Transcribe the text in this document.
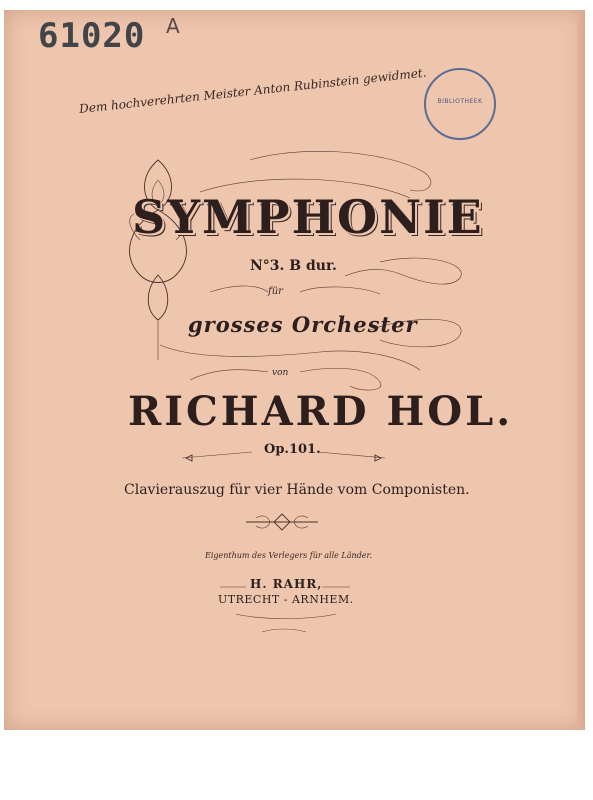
61020 A
BIBLIOTHEEK
Dem hochverehrten Meister Anton Rubinstein gewidmet.
SYMPHONIE
N°3. B dur.
für
grosses Orchester
von
RICHARD HOL.
Op.101.
Clavierauszug für vier Hände vom Componisten.
Eigenthum des Verlegers für alle Länder.
H. RAHR,
UTRECHT - ARNHEM.
